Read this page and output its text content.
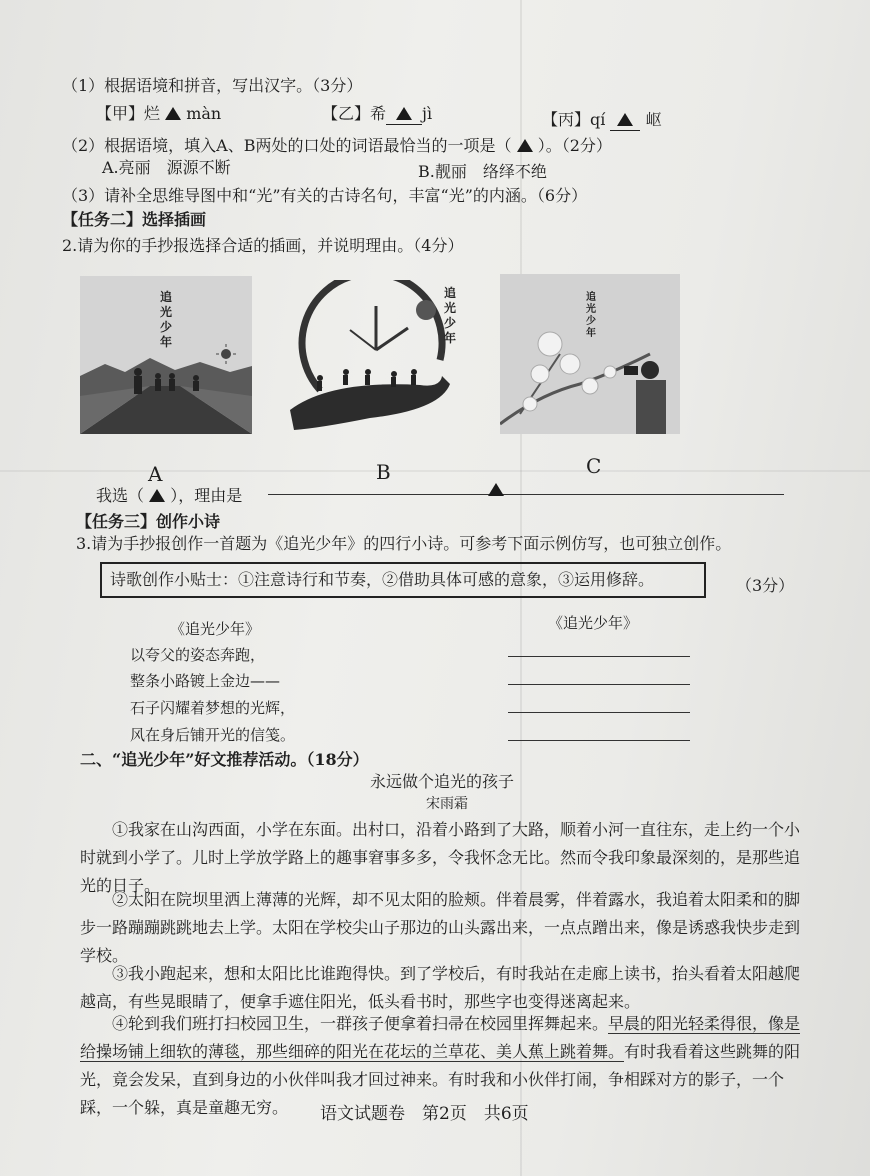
（1）根据语境和拼音，写出汉字。（3分）
【甲】烂 màn	【乙】希 jì	【丙】qí	岖
（2）根据语境，填入A、B两处的口处的词语最恰当的一项是（ ）。（2分）
A.亮丽　源源不断	B.靓丽　络绎不绝
（3）请补全思维导图中和“光”有关的古诗名句，丰富“光”的内涵。（6分）
【任务二】选择插画
2.请为你的手抄报选择合适的插画，并说明理由。（4分）
追光少年
A
追光少年
B
追光少年
C
我选（ ），理由是
【任务三】创作小诗
3.请为手抄报创作一首题为《追光少年》的四行小诗。可参考下面示例仿写，也可独立创作。
诗歌创作小贴士：①注意诗行和节奏，②借助具体可感的意象，③运用修辞。	（3分）
《追光少年》
以夸父的姿态奔跑，
整条小路镀上金边——
石子闪耀着梦想的光辉，
风在身后铺开光的信笺。
《追光少年》
二、“追光少年”好文推荐活动。（18分）
永远做个追光的孩子
宋雨霜
①我家在山沟西面，小学在东面。出村口，沿着小路到了大路，顺着小河一直往东，走上约一个小时就到小学了。儿时上学放学路上的趣事窘事多多，令我怀念无比。然而令我印象最深刻的，是那些追光的日子。
②太阳在院坝里洒上薄薄的光辉，却不见太阳的脸颊。伴着晨雾，伴着露水，我追着太阳柔和的脚步一路蹦蹦跳跳地去上学。太阳在学校尖山子那边的山头露出来，一点点蹭出来，像是诱惑我快步走到学校。
③我小跑起来，想和太阳比比谁跑得快。到了学校后，有时我站在走廊上读书，抬头看着太阳越爬越高，有些晃眼睛了，便拿手遮住阳光，低头看书时，那些字也变得迷离起来。
④轮到我们班打扫校园卫生，一群孩子便拿着扫帚在校园里挥舞起来。早晨的阳光轻柔得很，像是给操场铺上细软的薄毯，那些细碎的阳光在花坛的兰草花、美人蕉上跳着舞。有时我看着这些跳舞的阳光，竟会发呆，直到身边的小伙伴叫我才回过神来。有时我和小伙伴打闹，争相踩对方的影子，一个踩，一个躲，真是童趣无穷。	语文试题卷　第2页　共6页
